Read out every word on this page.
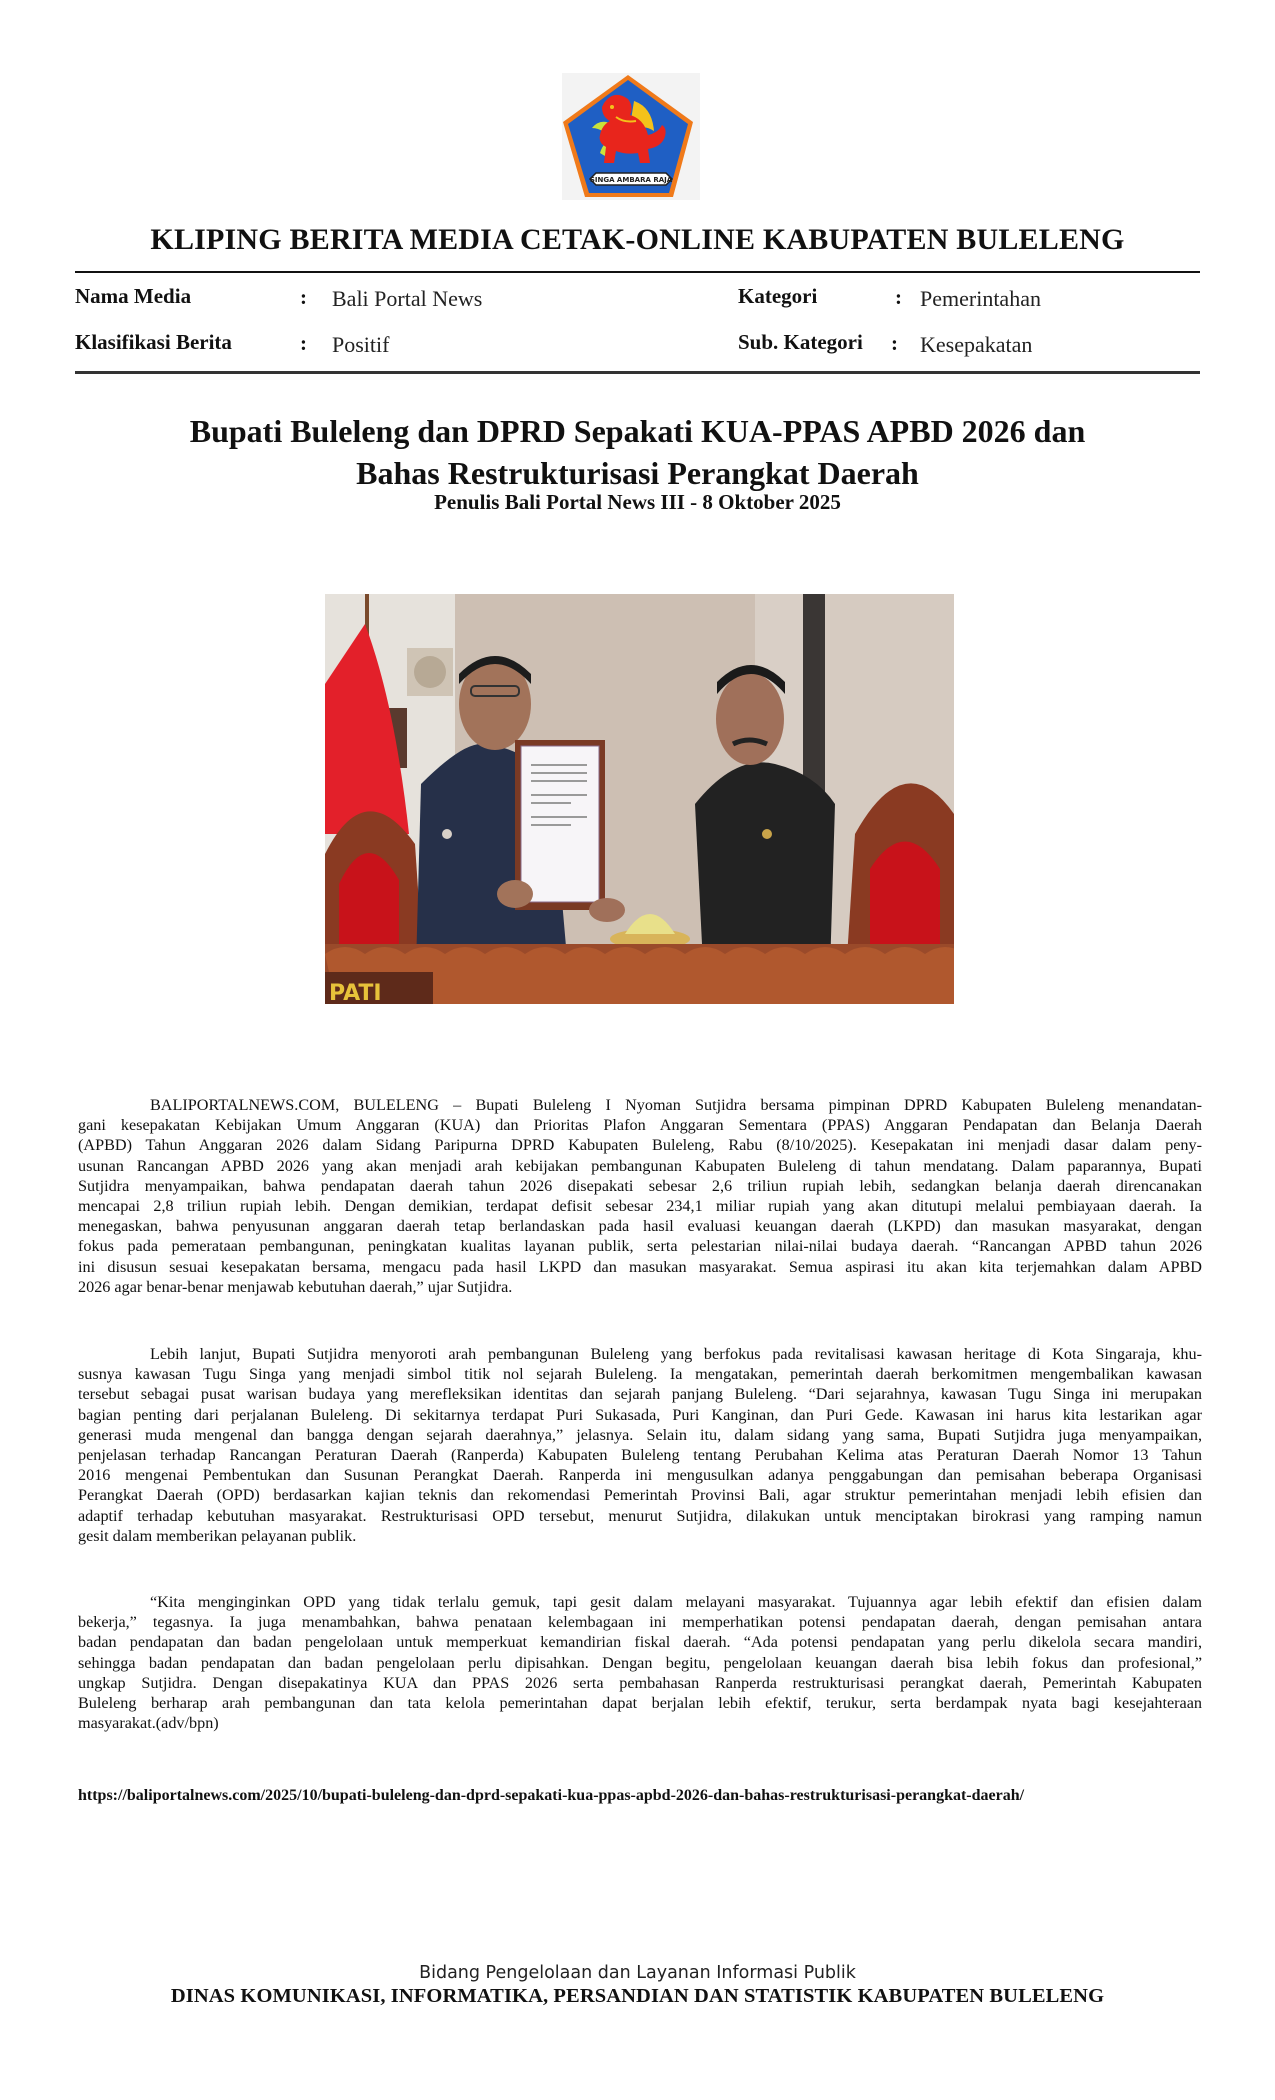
SINGA AMBARA RAJA
KLIPING BERITA MEDIA CETAK-ONLINE KABUPATEN BULELENG
Nama Media	: Bali Portal News
Klasifikasi Berita	: Positif
Kategori	: Pemerintahan
Sub. Kategori : Kesepakatan
Bupati Buleleng dan DPRD Sepakati KUA-PPAS APBD 2026 dan
Bahas Restrukturisasi Perangkat Daerah
Penulis Bali Portal News III - 8 Oktober 2025
PATI
BALIPORTALNEWS.COM, BULELENG – Bupati Buleleng I Nyoman Sutjidra bersama pimpinan DPRD Kabupaten Buleleng menandatan-
gani kesepakatan Kebijakan Umum Anggaran (KUA) dan Prioritas Plafon Anggaran Sementara (PPAS) Anggaran Pendapatan dan Belanja Daerah
(APBD) Tahun Anggaran 2026 dalam Sidang Paripurna DPRD Kabupaten Buleleng, Rabu (8/10/2025). Kesepakatan ini menjadi dasar dalam peny-
usunan Rancangan APBD 2026 yang akan menjadi arah kebijakan pembangunan Kabupaten Buleleng di tahun mendatang. Dalam paparannya, Bupati
Sutjidra menyampaikan, bahwa pendapatan daerah tahun 2026 disepakati sebesar 2,6 triliun rupiah lebih, sedangkan belanja daerah direncanakan
mencapai 2,8 triliun rupiah lebih. Dengan demikian, terdapat defisit sebesar 234,1 miliar rupiah yang akan ditutupi melalui pembiayaan daerah. Ia
menegaskan, bahwa penyusunan anggaran daerah tetap berlandaskan pada hasil evaluasi keuangan daerah (LKPD) dan masukan masyarakat, dengan
fokus pada pemerataan pembangunan, peningkatan kualitas layanan publik, serta pelestarian nilai-nilai budaya daerah. “Rancangan APBD tahun 2026
ini disusun sesuai kesepakatan bersama, mengacu pada hasil LKPD dan masukan masyarakat. Semua aspirasi itu akan kita terjemahkan dalam APBD
2026 agar benar-benar menjawab kebutuhan daerah,” ujar Sutjidra.
Lebih lanjut, Bupati Sutjidra menyoroti arah pembangunan Buleleng yang berfokus pada revitalisasi kawasan heritage di Kota Singaraja, khu-
susnya kawasan Tugu Singa yang menjadi simbol titik nol sejarah Buleleng. Ia mengatakan, pemerintah daerah berkomitmen mengembalikan kawasan
tersebut sebagai pusat warisan budaya yang merefleksikan identitas dan sejarah panjang Buleleng. “Dari sejarahnya, kawasan Tugu Singa ini merupakan
bagian penting dari perjalanan Buleleng. Di sekitarnya terdapat Puri Sukasada, Puri Kanginan, dan Puri Gede. Kawasan ini harus kita lestarikan agar
generasi muda mengenal dan bangga dengan sejarah daerahnya,” jelasnya. Selain itu, dalam sidang yang sama, Bupati Sutjidra juga menyampaikan,
penjelasan terhadap Rancangan Peraturan Daerah (Ranperda) Kabupaten Buleleng tentang Perubahan Kelima atas Peraturan Daerah Nomor 13 Tahun
2016 mengenai Pembentukan dan Susunan Perangkat Daerah. Ranperda ini mengusulkan adanya penggabungan dan pemisahan beberapa Organisasi
Perangkat Daerah (OPD) berdasarkan kajian teknis dan rekomendasi Pemerintah Provinsi Bali, agar struktur pemerintahan menjadi lebih efisien dan
adaptif terhadap kebutuhan masyarakat. Restrukturisasi OPD tersebut, menurut Sutjidra, dilakukan untuk menciptakan birokrasi yang ramping namun
gesit dalam memberikan pelayanan publik.
“Kita menginginkan OPD yang tidak terlalu gemuk, tapi gesit dalam melayani masyarakat. Tujuannya agar lebih efektif dan efisien dalam
bekerja,” tegasnya. Ia juga menambahkan, bahwa penataan kelembagaan ini memperhatikan potensi pendapatan daerah, dengan pemisahan antara
badan pendapatan dan badan pengelolaan untuk memperkuat kemandirian fiskal daerah. “Ada potensi pendapatan yang perlu dikelola secara mandiri,
sehingga badan pendapatan dan badan pengelolaan perlu dipisahkan. Dengan begitu, pengelolaan keuangan daerah bisa lebih fokus dan profesional,”
ungkap Sutjidra. Dengan disepakatinya KUA dan PPAS 2026 serta pembahasan Ranperda restrukturisasi perangkat daerah, Pemerintah Kabupaten
Buleleng berharap arah pembangunan dan tata kelola pemerintahan dapat berjalan lebih efektif, terukur, serta berdampak nyata bagi kesejahteraan
masyarakat.(adv/bpn)
https://baliportalnews.com/2025/10/bupati-buleleng-dan-dprd-sepakati-kua-ppas-apbd-2026-dan-bahas-restrukturisasi-perangkat-daerah/
Bidang Pengelolaan dan Layanan Informasi Publik
DINAS KOMUNIKASI, INFORMATIKA, PERSANDIAN DAN STATISTIK KABUPATEN BULELENG
